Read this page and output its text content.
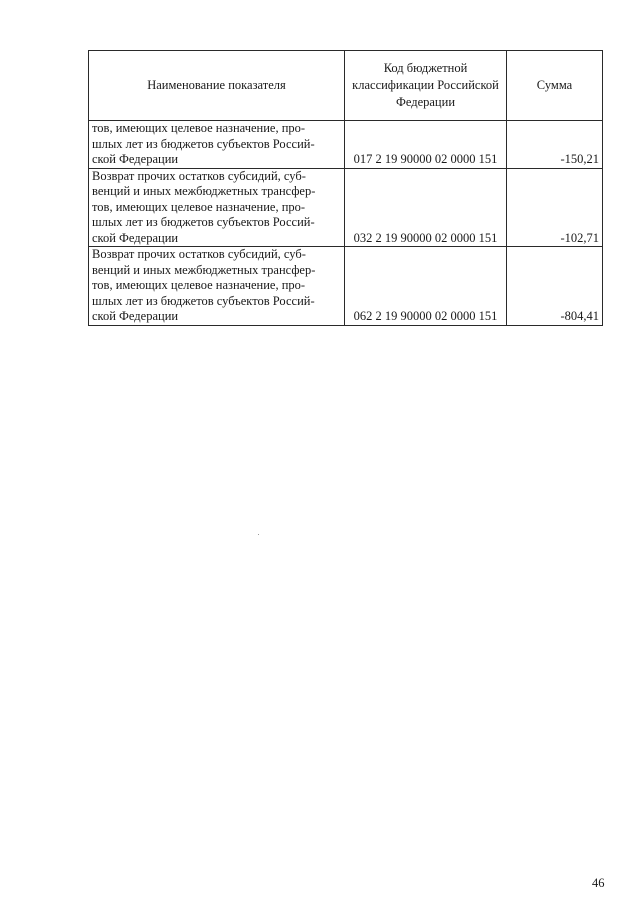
Наименование показателя	Код бюджетной классификации Российской Федерации	Сумма

тов, имеющих целевое назначение, про-
шлых лет из бюджетов субъектов Россий-
ской Федерации	017 2 19 90000 02 0000 151	-150,21

Возврат прочих остатков субсидий, суб-
венций и иных межбюджетных трансфер-
тов, имеющих целевое назначение, про-
шлых лет из бюджетов субъектов Россий-
ской Федерации	032 2 19 90000 02 0000 151	-102,71

Возврат прочих остатков субсидий, суб-
венций и иных межбюджетных трансфер-
тов, имеющих целевое назначение, про-
шлых лет из бюджетов субъектов Россий-
ской Федерации	062 2 19 90000 02 0000 151	-804,41
46
